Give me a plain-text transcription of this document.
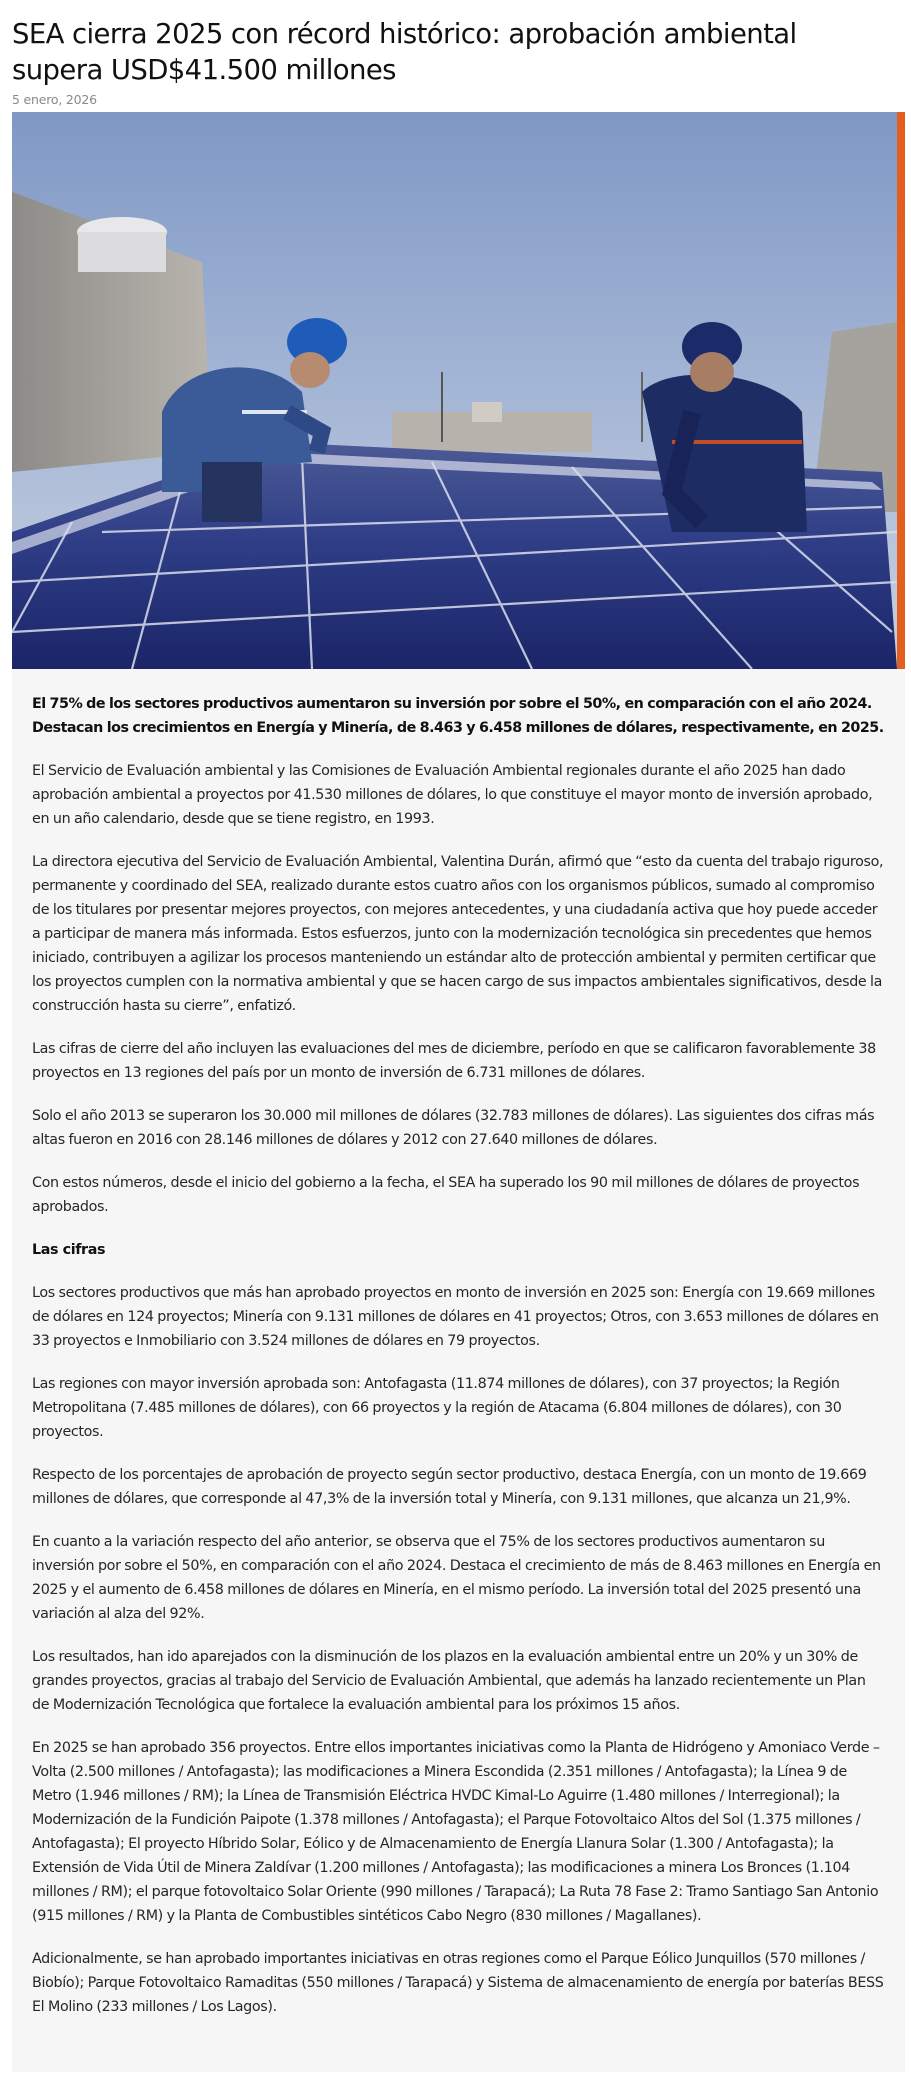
SEA cierra 2025 con récord histórico: aprobación ambiental supera USD$41.500 millones
5 enero, 2026

El 75% de los sectores productivos aumentaron su inversión por sobre el 50%, en comparación con el año 2024. Destacan los crecimientos en Energía y Minería, de 8.463 y 6.458 millones de dólares, respectivamente, en 2025.

El Servicio de Evaluación ambiental y las Comisiones de Evaluación Ambiental regionales durante el año 2025 han dado aprobación ambiental a proyectos por 41.530 millones de dólares, lo que constituye el mayor monto de inversión aprobado, en un año calendario, desde que se tiene registro, en 1993.

La directora ejecutiva del Servicio de Evaluación Ambiental, Valentina Durán, afirmó que “esto da cuenta del trabajo riguroso, permanente y coordinado del SEA, realizado durante estos cuatro años con los organismos públicos, sumado al compromiso de los titulares por presentar mejores proyectos, con mejores antecedentes, y una ciudadanía activa que hoy puede acceder a participar de manera más informada. Estos esfuerzos, junto con la modernización tecnológica sin precedentes que hemos iniciado, contribuyen a agilizar los procesos manteniendo un estándar alto de protección ambiental y permiten certificar que los proyectos cumplen con la normativa ambiental y que se hacen cargo de sus impactos ambientales significativos, desde la construcción hasta su cierre”, enfatizó.

Las cifras de cierre del año incluyen las evaluaciones del mes de diciembre, período en que se calificaron favorablemente 38 proyectos en 13 regiones del país por un monto de inversión de 6.731 millones de dólares.

Solo el año 2013 se superaron los 30.000 mil millones de dólares (32.783 millones de dólares). Las siguientes dos cifras más altas fueron en 2016 con 28.146 millones de dólares y 2012 con 27.640 millones de dólares.

Con estos números, desde el inicio del gobierno a la fecha, el SEA ha superado los 90 mil millones de dólares de proyectos aprobados.

Las cifras

Los sectores productivos que más han aprobado proyectos en monto de inversión en 2025 son: Energía con 19.669 millones de dólares en 124 proyectos; Minería con 9.131 millones de dólares en 41 proyectos; Otros, con 3.653 millones de dólares en 33 proyectos e Inmobiliario con 3.524 millones de dólares en 79 proyectos.

Las regiones con mayor inversión aprobada son: Antofagasta (11.874 millones de dólares), con 37 proyectos; la Región Metropolitana (7.485 millones de dólares), con 66 proyectos y la región de Atacama (6.804 millones de dólares), con 30 proyectos.

Respecto de los porcentajes de aprobación de proyecto según sector productivo, destaca Energía, con un monto de 19.669 millones de dólares, que corresponde al 47,3% de la inversión total y Minería, con 9.131 millones, que alcanza un 21,9%.

En cuanto a la variación respecto del año anterior, se observa que el 75% de los sectores productivos aumentaron su inversión por sobre el 50%, en comparación con el año 2024. Destaca el crecimiento de más de 8.463 millones en Energía en 2025 y el aumento de 6.458 millones de dólares en Minería, en el mismo período. La inversión total del 2025 presentó una variación al alza del 92%.

Los resultados, han ido aparejados con la disminución de los plazos en la evaluación ambiental entre un 20% y un 30% de grandes proyectos, gracias al trabajo del Servicio de Evaluación Ambiental, que además ha lanzado recientemente un Plan de Modernización Tecnológica que fortalece la evaluación ambiental para los próximos 15 años.

En 2025 se han aprobado 356 proyectos. Entre ellos importantes iniciativas como la Planta de Hidrógeno y Amoniaco Verde – Volta (2.500 millones / Antofagasta); las modificaciones a Minera Escondida (2.351 millones / Antofagasta); la Línea 9 de Metro (1.946 millones / RM); la Línea de Transmisión Eléctrica HVDC Kimal-Lo Aguirre (1.480 millones / Interregional); la Modernización de la Fundición Paipote (1.378 millones / Antofagasta); el Parque Fotovoltaico Altos del Sol (1.375 millones / Antofagasta); El proyecto Híbrido Solar, Eólico y de Almacenamiento de Energía Llanura Solar (1.300 / Antofagasta); la Extensión de Vida Útil de Minera Zaldívar (1.200 millones / Antofagasta); las modificaciones a minera Los Bronces (1.104 millones / RM); el parque fotovoltaico Solar Oriente (990 millones / Tarapacá); La Ruta 78 Fase 2: Tramo Santiago San Antonio (915 millones / RM) y la Planta de Combustibles sintéticos Cabo Negro (830 millones / Magallanes).

Adicionalmente, se han aprobado importantes iniciativas en otras regiones como el Parque Eólico Junquillos (570 millones / Biobío); Parque Fotovoltaico Ramaditas (550 millones / Tarapacá) y Sistema de almacenamiento de energía por baterías BESS El Molino (233 millones / Los Lagos).
